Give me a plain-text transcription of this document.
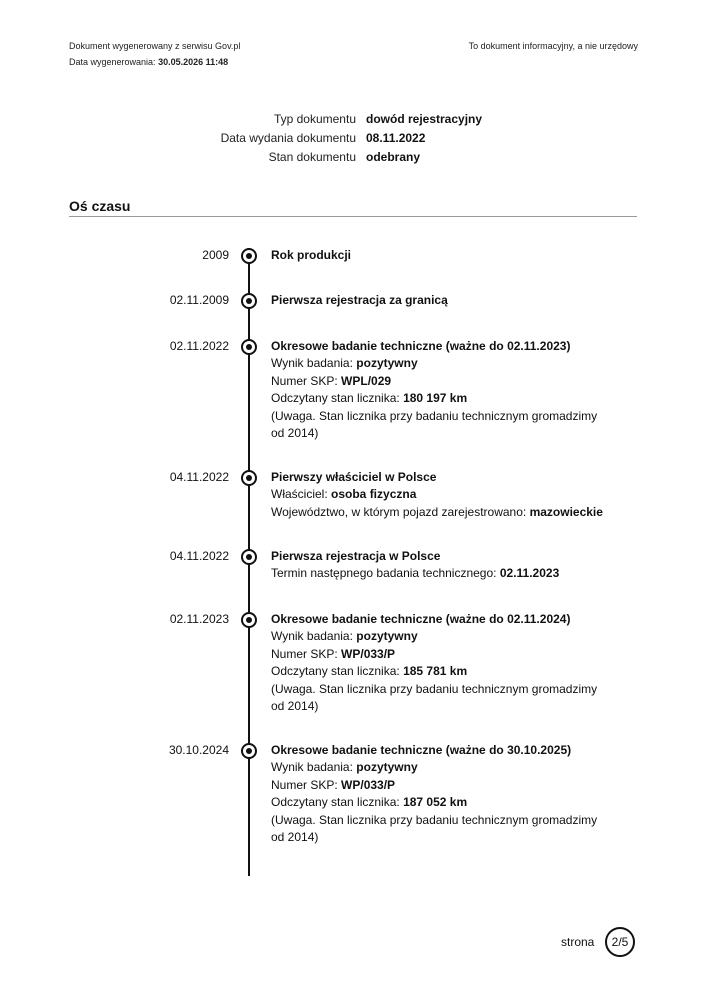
Dokument wygenerowany z serwisu Gov.pl
Data wygenerowania: 30.05.2026 11:48
To dokument informacyjny, a nie urzędowy
Typ dokumentu dowód rejestracyjny
Data wydania dokumentu 08.11.2022
Stan dokumentu odebrany
Oś czasu
2009	Rok produkcji
02.11.2009	Pierwsza rejestracja za granicą
02.11.2022	Okresowe badanie techniczne (ważne do 02.11.2023)
Wynik badania: pozytywny
Numer SKP: WPL/029
Odczytany stan licznika: 180 197 km
(Uwaga. Stan licznika przy badaniu technicznym gromadzimy od 2014)
04.11.2022	Pierwszy właściciel w Polsce
Właściciel: osoba fizyczna
Województwo, w którym pojazd zarejestrowano: mazowieckie
04.11.2022	Pierwsza rejestracja w Polsce
Termin następnego badania technicznego: 02.11.2023
02.11.2023	Okresowe badanie techniczne (ważne do 02.11.2024)
Wynik badania: pozytywny
Numer SKP: WP/033/P
Odczytany stan licznika: 185 781 km
(Uwaga. Stan licznika przy badaniu technicznym gromadzimy od 2014)
30.10.2024	Okresowe badanie techniczne (ważne do 30.10.2025)
Wynik badania: pozytywny
Numer SKP: WP/033/P
Odczytany stan licznika: 187 052 km
(Uwaga. Stan licznika przy badaniu technicznym gromadzimy od 2014)
strona	2/5
